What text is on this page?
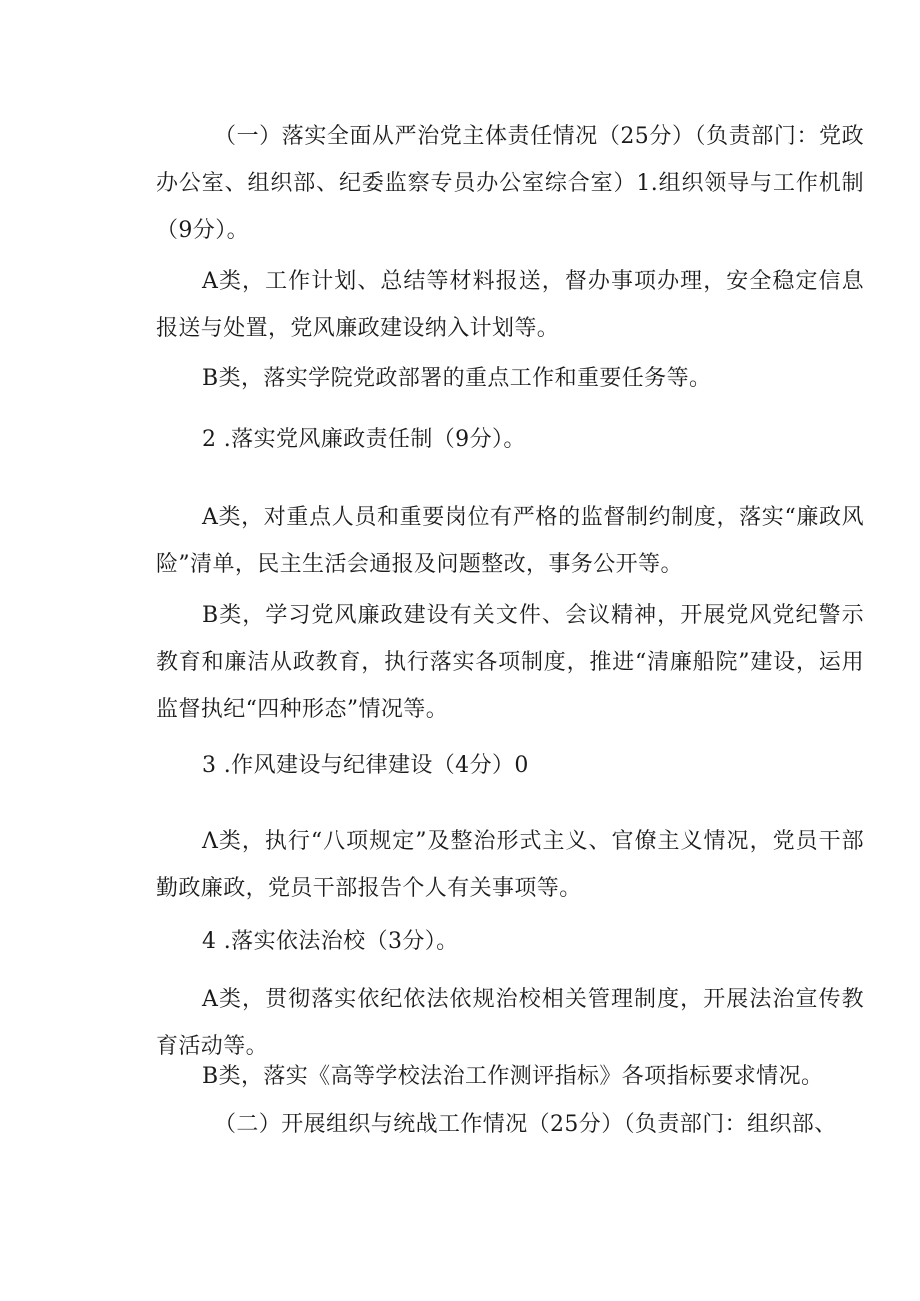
（一）落实全面从严治党主体责任情况（25分）（负责部门：党政办公室、组织部、纪委监察专员办公室综合室）1.组织领导与工作机制（9分）。

A类，工作计划、总结等材料报送，督办事项办理，安全稳定信息报送与处置，党风廉政建设纳入计划等。

B类，落实学院党政部署的重点工作和重要任务等。

2 .落实党风廉政责任制（9分）。

A类，对重点人员和重要岗位有严格的监督制约制度，落实“廉政风险”清单，民主生活会通报及问题整改，事务公开等。

B类，学习党风廉政建设有关文件、会议精神，开展党风党纪警示教育和廉洁从政教育，执行落实各项制度，推进“清廉船院”建设，运用监督执纪“四种形态”情况等。

3 .作风建设与纪律建设（4分）0

Λ类，执行“八项规定”及整治形式主义、官僚主义情况，党员干部勤政廉政，党员干部报告个人有关事项等。

4 .落实依法治校（3分）。

A类，贯彻落实依纪依法依规治校相关管理制度，开展法治宣传教育活动等。

B类，落实《高等学校法治工作测评指标》各项指标要求情况。

（二）开展组织与统战工作情况（25分）（负责部门：组织部、
